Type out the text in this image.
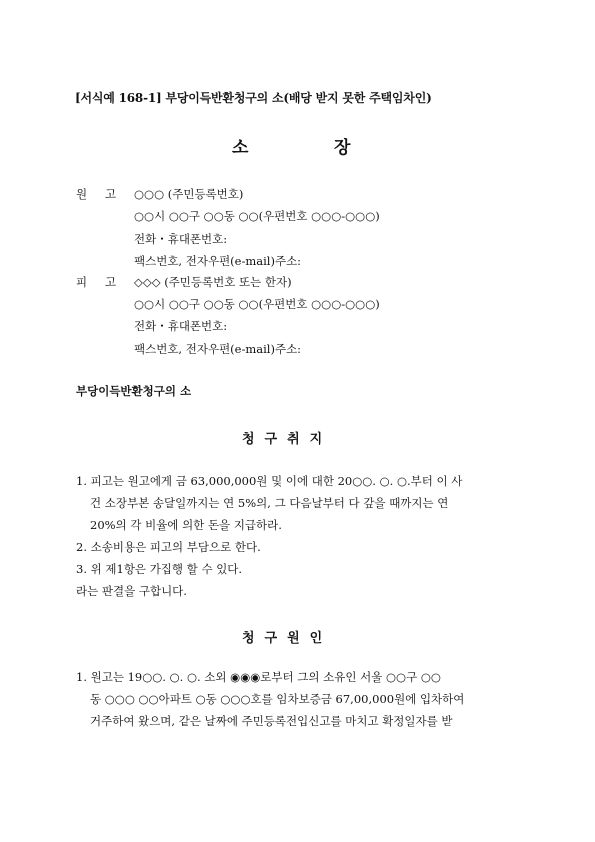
[서식예 168-1] 부당이득반환청구의 소(배당 받지 못한 주택임차인)
소	장
원 고 ○○○ (주민등록번호)
○○시 ○○구 ○○동 ○○(우편번호 ○○○-○○○)
전화・휴대폰번호:
팩스번호, 전자우편(e-mail)주소:
피 고 ◇◇◇ (주민등록번호 또는 한자)
○○시 ○○구 ○○동 ○○(우편번호 ○○○-○○○)
전화・휴대폰번호:
팩스번호, 전자우편(e-mail)주소:
부당이득반환청구의 소
청구취지
1. 피고는 원고에게 금 63,000,000원 및 이에 대한 20○○. ○. ○.부터 이 사
건 소장부본 송달일까지는 연 5%의, 그 다음날부터 다 갚을 때까지는 연
20%의 각 비율에 의한 돈을 지급하라.
2. 소송비용은 피고의 부담으로 한다.
3. 위 제1항은 가집행 할 수 있다.
라는 판결을 구합니다.
청구원인
1. 원고는 19○○. ○. ○. 소외 ◉◉◉로부터 그의 소유인 서울 ○○구 ○○
동 ○○○ ○○아파트 ○동 ○○○호를 임차보증금 67,00,000원에 입차하여
거주하여 왔으며, 같은 날짜에 주민등록전입신고를 마치고 확정일자를 받
